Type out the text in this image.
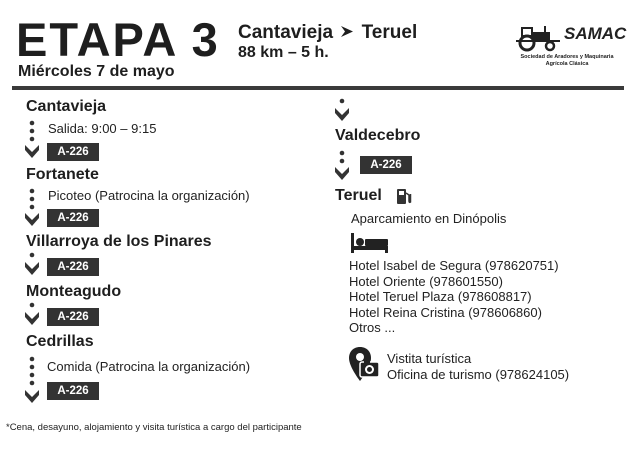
ETAPA 3 Cantavieja Teruel
88 km – 5 h.
Miércoles 7 de mayo
SAMAC
Sociedad de Aradores y Maquinaria
Agrícola Clásica
Cantavieja
Salida: 9:00 – 9:15
A-226
Fortanete
Picoteo (Patrocina la organización)
A-226
Villarroya de los Pinares
A-226
Monteagudo
A-226
Cedrillas
Comida (Patrocina la organización)
A-226
Valdecebro
A-226
Teruel
Aparcamiento en Dinópolis
Hotel Isabel de Segura (978620751)
Hotel Oriente (978601550)
Hotel Teruel Plaza (978608817)
Hotel Reina Cristina (978606860)
Otros ...
Vistita turística
Oficina de turismo (978624105)
*Cena, desayuno, alojamiento y visita turística a cargo del participante
